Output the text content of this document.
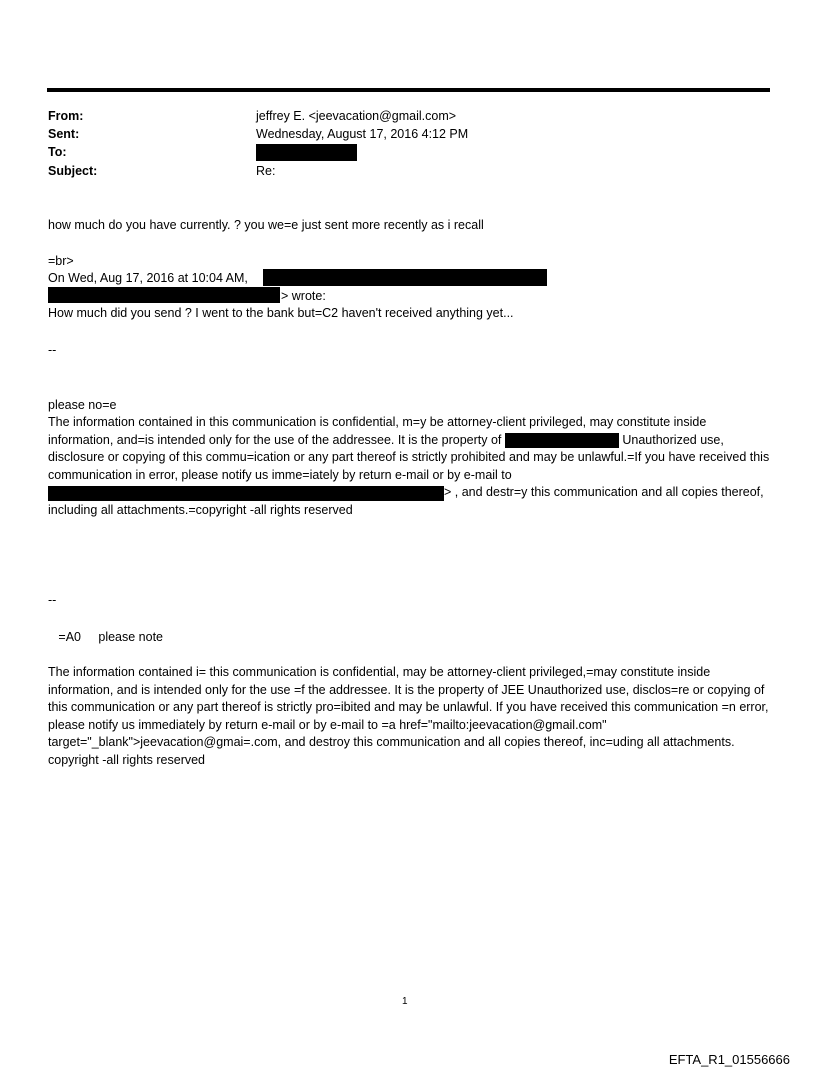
From:	jeffrey E. <jeevacation@gmail.com>
Sent:	Wednesday, August 17, 2016 4:12 PM
To:
Subject:	Re:
how much do you have currently. ? you we=e just sent more recently as i recall
=br>
On Wed, Aug 17, 2016 at 10:04 AM,
> wrote:
How much did you send ? I went to the bank but=C2 haven't received anything yet...
--
please no=e
The information contained in this communication is confidential, m=y be attorney-client privileged, may constitute inside information, and=is intended only for the use of the addressee. It is the property of	Unauthorized use, disclosure or copying of this commu=ication or any part thereof is strictly prohibited and may be unlawful.=If you have received this communication in error, please notify us imme=iately by return e-mail or by e-mail to > , and destr=y this communication and all copies thereof, including all attachments.=copyright -all rights reserved
--
=A0     please note
The information contained i= this communication is confidential, may be attorney-client privileged,=may constitute inside information, and is intended only for the use =f the addressee. It is the property of JEE Unauthorized use, disclos=re or copying of this communication or any part thereof is strictly pro=ibited and may be unlawful. If you have received this communication =n error, please notify us immediately by return e-mail or by e-mail to =a href="mailto:jeevacation@gmail.com" target="_blank">jeevacation@gmai=.com, and destroy this communication and all copies thereof, inc=uding all attachments. copyright -all rights reserved
1
EFTA_R1_01556666
